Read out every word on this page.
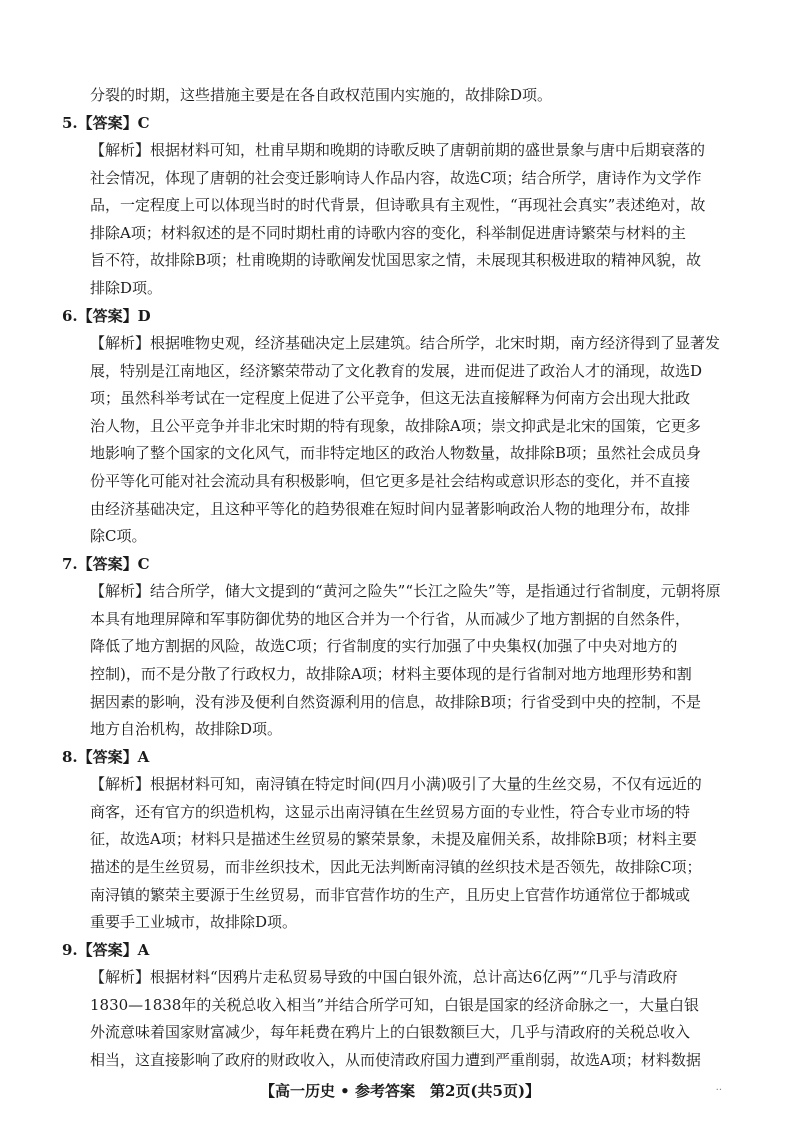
分裂的时期，这些措施主要是在各自政权范围内实施的，故排除D项。
5.【答案】C
【解析】根据材料可知，杜甫早期和晚期的诗歌反映了唐朝前期的盛世景象与唐中后期衰落的
社会情况，体现了唐朝的社会变迁影响诗人作品内容，故选C项；结合所学，唐诗作为文学作
品，一定程度上可以体现当时的时代背景，但诗歌具有主观性，“再现社会真实”表述绝对，故
排除A项；材料叙述的是不同时期杜甫的诗歌内容的变化，科举制促进唐诗繁荣与材料的主
旨不符，故排除B项；杜甫晚期的诗歌阐发忧国思家之情，未展现其积极进取的精神风貌，故
排除D项。
6.【答案】D
【解析】根据唯物史观，经济基础决定上层建筑。结合所学，北宋时期，南方经济得到了显著发
展，特别是江南地区，经济繁荣带动了文化教育的发展，进而促进了政治人才的涌现，故选D
项；虽然科举考试在一定程度上促进了公平竞争，但这无法直接解释为何南方会出现大批政
治人物，且公平竞争并非北宋时期的特有现象，故排除A项；崇文抑武是北宋的国策，它更多
地影响了整个国家的文化风气，而非特定地区的政治人物数量，故排除B项；虽然社会成员身
份平等化可能对社会流动具有积极影响，但它更多是社会结构或意识形态的变化，并不直接
由经济基础决定，且这种平等化的趋势很难在短时间内显著影响政治人物的地理分布，故排
除C项。
7.【答案】C
【解析】结合所学，储大文提到的“黄河之险失”“长江之险失”等，是指通过行省制度，元朝将原
本具有地理屏障和军事防御优势的地区合并为一个行省，从而减少了地方割据的自然条件，
降低了地方割据的风险，故选C项；行省制度的实行加强了中央集权(加强了中央对地方的
控制)，而不是分散了行政权力，故排除A项；材料主要体现的是行省制对地方地理形势和割
据因素的影响，没有涉及便利自然资源利用的信息，故排除B项；行省受到中央的控制，不是
地方自治机构，故排除D项。
8.【答案】A
【解析】根据材料可知，南浔镇在特定时间(四月小满)吸引了大量的生丝交易，不仅有远近的
商客，还有官方的织造机构，这显示出南浔镇在生丝贸易方面的专业性，符合专业市场的特
征，故选A项；材料只是描述生丝贸易的繁荣景象，未提及雇佣关系，故排除B项；材料主要
描述的是生丝贸易，而非丝织技术，因此无法判断南浔镇的丝织技术是否领先，故排除C项；
南浔镇的繁荣主要源于生丝贸易，而非官营作坊的生产，且历史上官营作坊通常位于都城或
重要手工业城市，故排除D项。
9.【答案】A
【解析】根据材料“因鸦片走私贸易导致的中国白银外流，总计高达6亿两”“几乎与清政府
1830—1838年的关税总收入相当”并结合所学可知，白银是国家的经济命脉之一，大量白银
外流意味着国家财富减少，每年耗费在鸦片上的白银数额巨大，几乎与清政府的关税总收入
相当，这直接影响了政府的财政收入，从而使清政府国力遭到严重削弱，故选A项；材料数据
【高一历史 • 参考答案　第2页(共5页)】	..
